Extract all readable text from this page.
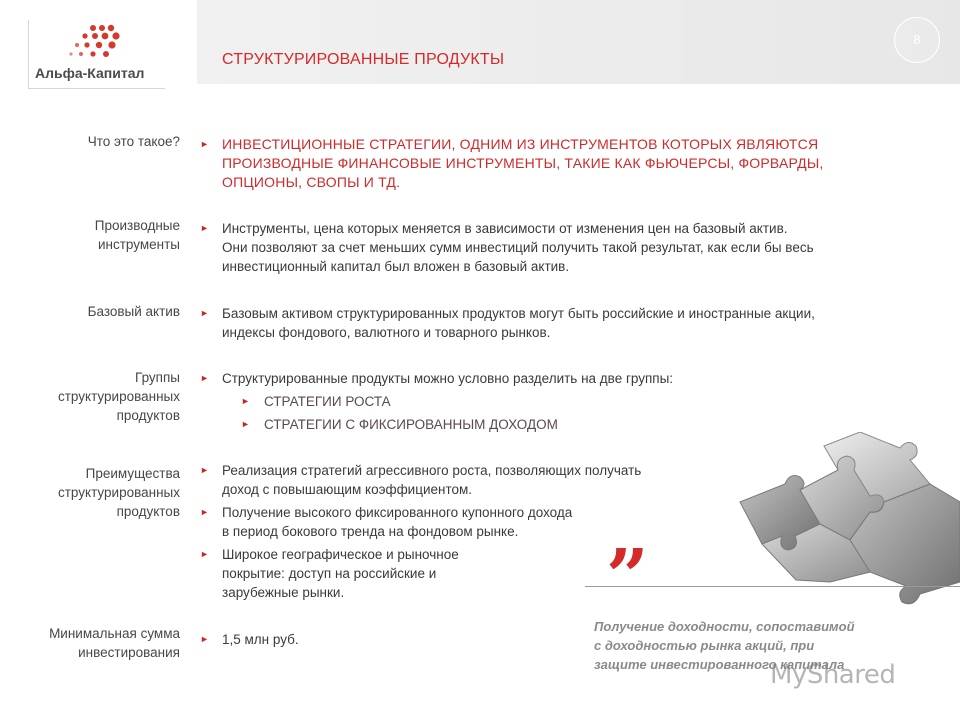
Альфа-Капитал
СТРУКТУРИРОВАННЫЕ ПРОДУКТЫ
8
Что это такое? ► ИНВЕСТИЦИОННЫЕ СТРАТЕГИИ, ОДНИМ ИЗ ИНСТРУМЕНТОВ КОТОРЫХ ЯВЛЯЮТСЯ
ПРОИЗВОДНЫЕ ФИНАНСОВЫЕ ИНСТРУМЕНТЫ, ТАКИЕ КАК ФЬЮЧЕРСЫ, ФОРВАРДЫ,
ОПЦИОНЫ, СВОПЫ И ТД.
Производные
инструменты
► Инструменты, цена которых меняется в зависимости от изменения цен на базовый актив.
Они позволяют за счет меньших сумм инвестиций получить такой результат, как если бы весь
инвестиционный капитал был вложен в базовый актив.
Базовый актив ► Базовым активом структурированных продуктов могут быть российские и иностранные акции,
индексы фондового, валютного и товарного рынков.
Группы
структурированных
продуктов
► Структурированные продукты можно условно разделить на две группы:
► СТРАТЕГИИ РОСТА
► СТРАТЕГИИ С ФИКСИРОВАННЫМ ДОХОДОМ
Преимущества
структурированных
продуктов
► Реализация стратегий агрессивного роста, позволяющих получать
доход с повышающим коэффициентом.
► Получение высокого фиксированного купонного дохода
в период бокового тренда на фондовом рынке.
► Широкое географическое и рыночное
покрытие: доступ на российские и
зарубежные рынки.
Минимальная сумма
инвестирования
► 1,5 млн руб.
”
Получение доходности, сопоставимой
с доходностью рынка акций, при
защите инвестированного капитала
MyShared
